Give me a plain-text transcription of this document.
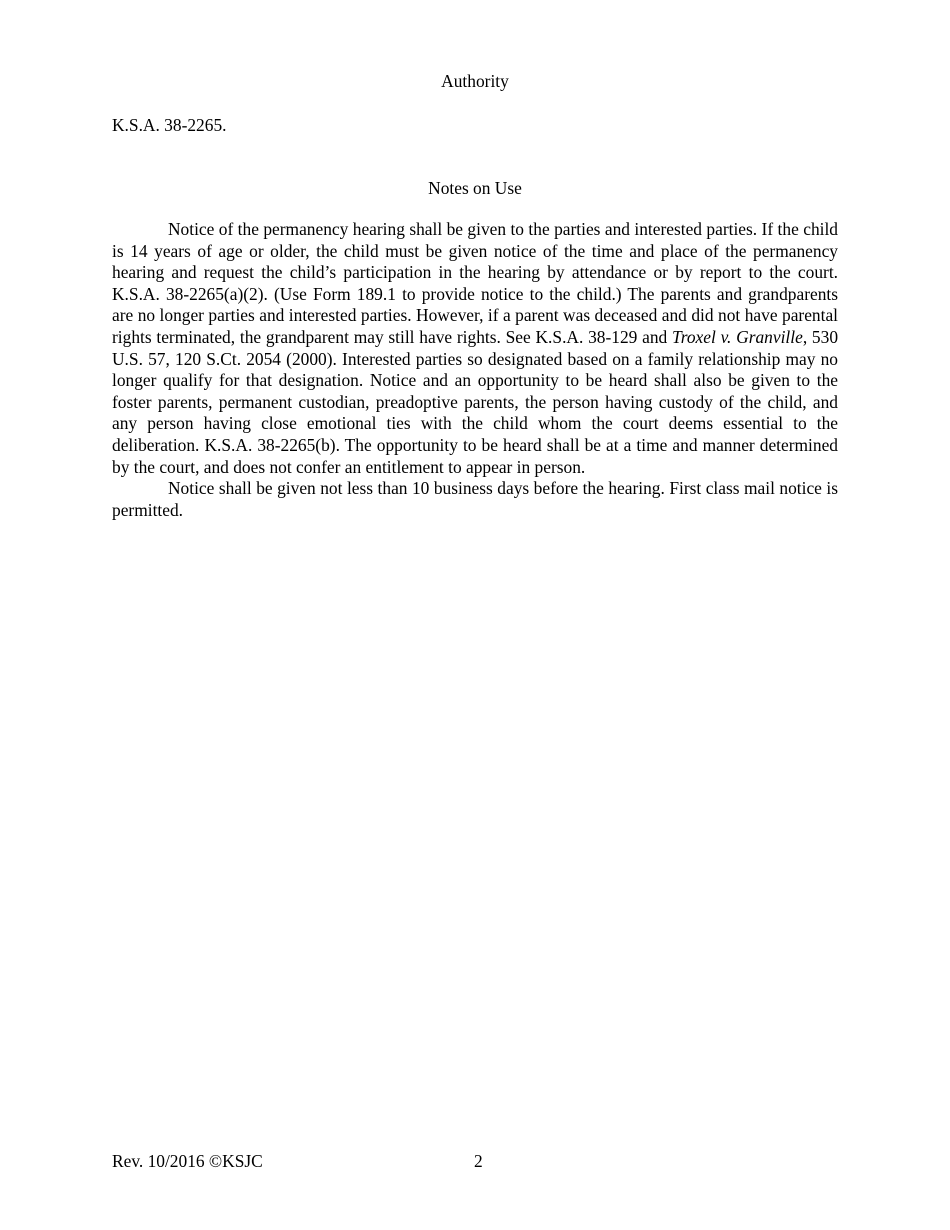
Authority
K.S.A. 38-2265.
Notes on Use

Notice of the permanency hearing shall be given to the parties and interested parties. If the child is 14 years of age or older, the child must be given notice of the time and place of the permanency hearing and request the child’s participation in the hearing by attendance or by report to the court. K.S.A. 38-2265(a)(2). (Use Form 189.1 to provide notice to the child.) The parents and grandparents are no longer parties and interested parties. However, if a parent was deceased and did not have parental rights terminated, the grandparent may still have rights. See K.S.A. 38-129 and Troxel v. Granville, 530 U.S. 57, 120 S.Ct. 2054 (2000). Interested parties so designated based on a family relationship may no longer qualify for that designation. Notice and an opportunity to be heard shall also be given to the foster parents, permanent custodian, preadoptive parents, the person having custody of the child, and any person having close emotional ties with the child whom the court deems essential to the deliberation. K.S.A. 38-2265(b). The opportunity to be heard shall be at a time and manner determined by the court, and does not confer an entitlement to appear in person.

Notice shall be given not less than 10 business days before the hearing. First class mail notice is permitted.

Rev. 10/2016 ©KSJC	2
